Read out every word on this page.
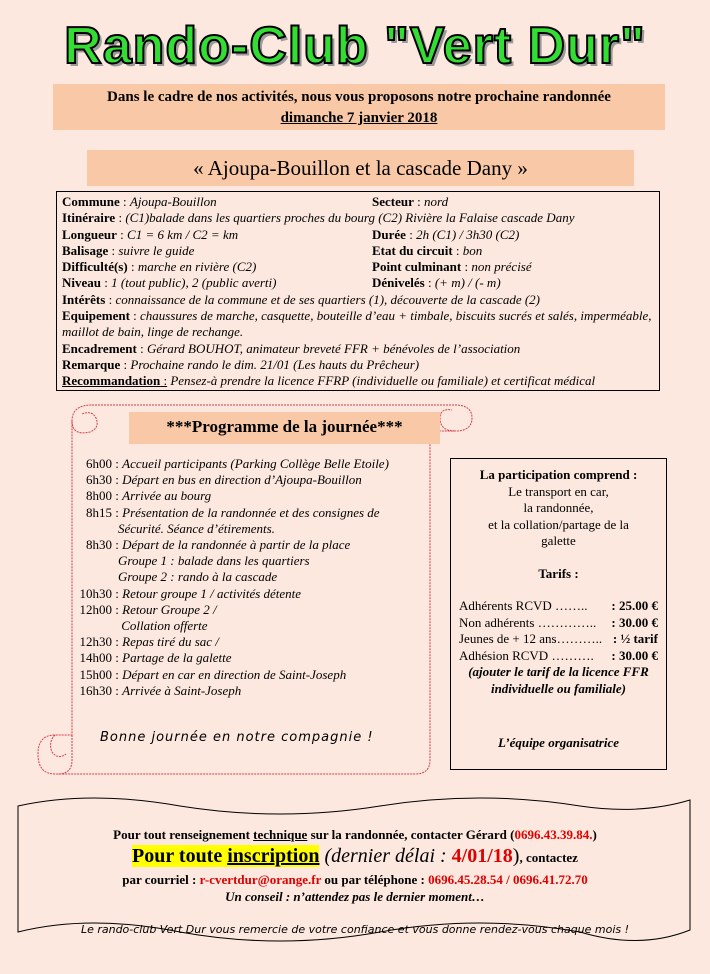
Rando-Club "Vert Dur"
Dans le cadre de nos activités, nous vous proposons notre prochaine randonnée
dimanche 7 janvier 2018
« Ajoupa-Bouillon et la cascade Dany »
Commune : Ajoupa-Bouillon	Secteur : nord
Itinéraire : (C1)balade dans les quartiers proches du bourg (C2) Rivière la Falaise cascade Dany
Longueur : C1 = 6 km / C2 = km	Durée : 2h (C1) / 3h30 (C2)
Balisage : suivre le guide	Etat du circuit : bon
Difficulté(s) : marche en rivière (C2)	Point culminant : non précisé
Niveau : 1 (tout public), 2 (public averti)	Dénivelés : (+ m) / (- m)
Intérêts : connaissance de la commune et de ses quartiers (1), découverte de la cascade (2)
Equipement : chaussures de marche, casquette, bouteille d’eau + timbale, biscuits sucrés et salés, imperméable, maillot de bain, linge de rechange.
Encadrement : Gérard BOUHOT, animateur breveté FFR + bénévoles de l’association
Remarque : Prochaine rando le dim. 21/01 (Les hauts du Prêcheur)
Recommandation : Pensez-à prendre la licence FFRP (individuelle ou familiale) et certificat médical
***Programme de la journée***
6h00 : Accueil participants (Parking Collège Belle Etoile)
6h30 : Départ en bus en direction d’Ajoupa-Bouillon
8h00 : Arrivée au bourg
8h15 : Présentation de la randonnée et des consignes de
Sécurité. Séance d’étirements.
8h30 : Départ de la randonnée à partir de la place
Groupe 1 : balade dans les quartiers
Groupe 2 : rando à la cascade
10h30 : Retour groupe 1 / activités détente
12h00 : Retour Groupe 2 /
Collation offerte
12h30 : Repas tiré du sac /
14h00 : Partage de la galette
15h00 : Départ en car en direction de Saint-Joseph
16h30 : Arrivée à Saint-Joseph
Bonne journée en notre compagnie !
La participation comprend :
Le transport en car,
la randonnée,
et la collation/partage de la
galette
Tarifs :
Adhérents RCVD ……..	: 25.00 €
Non adhérents …………..	: 30.00 €
Jeunes de + 12 ans……….. : ½ tarif
Adhésion RCVD ……….	: 30.00 €
(ajouter le tarif de la licence FFR individuelle ou familiale)
L’équipe organisatrice
Pour tout renseignement technique sur la randonnée, contacter Gérard (0696.43.39.84.)
Pour toute inscription (dernier délai : 4/01/18), contactez
par courriel : r-cvertdur@orange.fr ou par téléphone : 0696.45.28.54 / 0696.41.72.70
Un conseil : n’attendez pas le dernier moment…
Le rando-club Vert Dur vous remercie de votre confiance et vous donne rendez-vous chaque mois !
